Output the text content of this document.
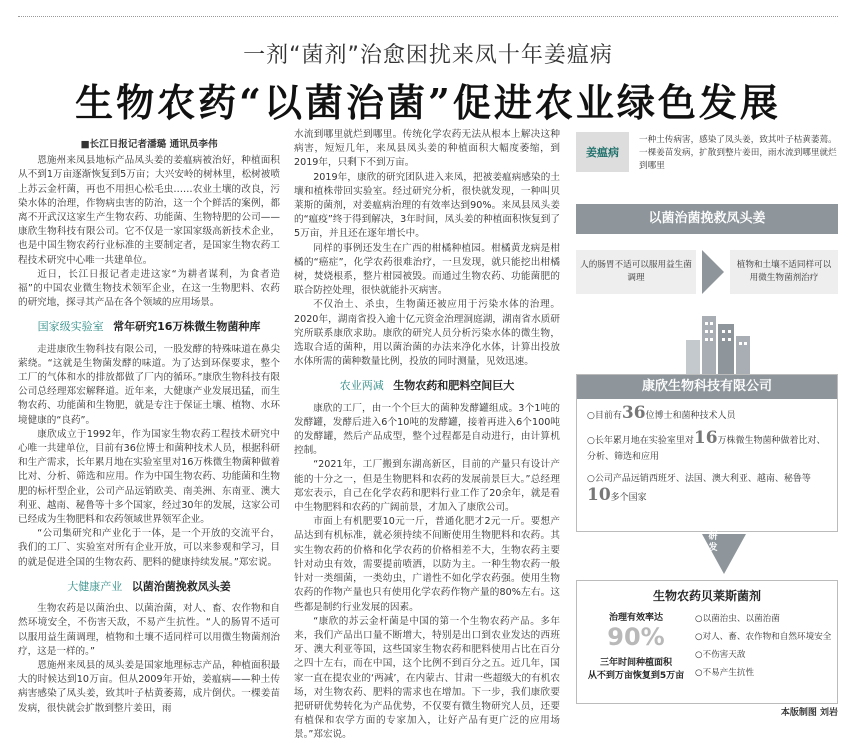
一剂“菌剂”治愈困扰来凤十年姜瘟病
生物农药“以菌治菌”促进农业绿色发展
■长江日报记者潘璐 通讯员李伟

恩施州来凤县地标产品凤头姜的姜瘟病被治好，种植面积从不到1万亩逐渐恢复到5万亩；大兴安岭的树林里，松树被喷上苏云金杆菌，再也不用担心松毛虫……农业土壤的改良，污染水体的治理，作物病虫害的防治，这一个个鲜活的案例，都离不开武汉这家生产生物农药、功能菌、生物特肥的公司——康欣生物科技有限公司。它不仅是一家国家级高新技术企业，也是中国生物农药行业标准的主要制定者，是国家生物农药工程技术研究中心唯一共建单位。

近日，长江日报记者走进这家“为耕者谋利，为食者造福”的中国农业微生物技术领军企业，在这一生物肥料、农药的研究地，探寻其产品在各个领域的应用场景。

国家级实验室 常年研究16万株微生物菌种库

走进康欣生物科技有限公司，一股发酵的特殊味道在鼻尖萦绕。“这就是生物菌发酵的味道。为了达到环保要求，整个工厂的气体和水的排放都做了厂内的循环。”康欣生物科技有限公司总经理郑宏解释道。近年来，大健康产业发展迅猛，而生物农药、功能菌和生物肥，就是专注于保证土壤、植物、水环境健康的“良药”。

康欣成立于1992年，作为国家生物农药工程技术研究中心唯一共建单位，目前有36位博士和菌种技术人员，根据科研和生产需求，长年累月地在实验室里对16万株微生物菌种做着比对、分析、筛选和应用。作为中国生物农药、功能菌和生物肥的标杆型企业，公司产品远销欧美、南美洲、东南亚、澳大利亚、越南、秘鲁等十多个国家，经过30年的发展，这家公司已经成为生物肥料和农药领域世界领军企业。

“公司集研究和产业化于一体，是一个开放的交流平台，我们的工厂、实验室对所有企业开放，可以来参观和学习，目的就是促进全国的生物农药、肥料的健康持续发展。”郑宏说。

大健康产业 以菌治菌挽救凤头姜

生物农药是以菌治虫、以菌治菌，对人、畜、农作物和自然环境安全，不伤害天敌，不易产生抗性。“人的肠胃不适可以服用益生菌调理，植物和土壤不适同样可以用微生物菌剂治疗，这是一样的。”

恩施州来凤县的凤头姜是国家地理标志产品，种植面积最大的时候达到10万亩。但从2009年开始，姜瘟病——种土传病害感染了凤头姜，致其叶子枯黄萎蔫，成片倒伏。一棵姜苗发病，很快就会扩散到整片姜田，雨

水流到哪里就烂到哪里。传统化学农药无法从根本上解决这种病害，短短几年，来凤县凤头姜的种植面积大幅度萎缩，到2019年，只剩下不到万亩。

2019年，康欣的研究团队进入来凤，把被姜瘟病感染的土壤和植株带回实验室。经过研究分析，很快就发现，一种叫贝莱斯的菌剂，对姜瘟病治理的有效率达到90%。来凤县凤头姜的“瘟疫”终于得到解决，3年时间，凤头姜的种植面积恢复到了5万亩，并且还在逐年增长中。

同样的事例还发生在广西的柑橘种植园。柑橘黄龙病是柑橘的“癌症”，化学农药很难治疗，一旦发现，就只能挖出柑橘树，焚烧根系，整片柑园被毁。而通过生物农药、功能菌肥的联合防控处理，很快就能扑灭病害。

不仅治土、杀虫，生物菌还被应用于污染水体的治理。2020年，湖南省投入逾十亿元资金治理洞庭湖，湖南省水质研究所联系康欣求助。康欣的研究人员分析污染水体的微生物，选取合适的菌种，用以菌治菌的办法来净化水体，计算出投放水体所需的菌种数量比例，投放的同时测量，见效迅速。

农业两减 生物农药和肥料空间巨大

康欣的工厂，由一个个巨大的菌种发酵罐组成。3个1吨的发酵罐，发酵后进入6个10吨的发酵罐，接着再进入6个100吨的发酵罐，然后产品成型，整个过程都是自动进行，由计算机控制。

“2021年，工厂搬到东湖高新区，目前的产量只有设计产能的十分之一，但是生物肥料和农药的发展前景巨大。”总经理郑宏表示，自己在化学农药和肥料行业工作了20余年，就是看中生物肥料和农药的广阔前景，才加入了康欣公司。

市面上有机肥要10元一斤，普通化肥才2元一斤。要想产品达到有机标准，就必须持续不间断使用生物肥料和农药。其实生物农药的价格和化学农药的价格相差不大，生物农药主要针对动虫有效，需要提前喷洒，以防为主。一种生物农药一般针对一类细菌，一类幼虫，广谱性不如化学农药强。使用生物农药的作物产量也只有使用化学农药作物产量的80%左右。这些都是制约行业发展的因素。

“康欣的苏云金杆菌是中国的第一个生物农药产品。多年来，我们产品出口量不断增大，特别是出口到农业发达的西班牙、澳大利亚等国，这些国家生物农药和肥料使用占比在百分之四十左右，而在中国，这个比例不到百分之五。近几年，国家一直在提农业的‘两减’，在内蒙古、甘肃一些超级大的有机农场，对生物农药、肥料的需求也在增加。下一步，我们康欣要把研研优势转化为产品优势，不仅要有微生物研究人员，还要有植保和农学方面的专家加入，让好产品有更广泛的应用场景。”郑宏说。

姜瘟病
一种土传病害，感染了凤头姜，致其叶子枯黄萎蔫。一棵姜苗发病，扩散到整片姜田，雨水流到哪里就烂到哪里
以菌治菌挽救凤头姜
人的肠胃不适可以服用益生菌调理
植物和土壤不适同样可以用微生物菌剂治疗
康欣生物科技有限公司
○目前有36位博士和菌种技术人员
○长年累月地在实验室里对16万株微生物菌种做着比对、分析、筛选和应用
○公司产品远销西班牙、法国、澳大利亚、越南、秘鲁等10多个国家
研发
生物农药贝莱斯菌剂
治理有效率达
90%
三年时间种植面积
从不到万亩恢复到5万亩
○以菌治虫、以菌治菌
○对人、畜、农作物和自然环境安全
○不伤害天敌
○不易产生抗性
本版制图 刘岩
